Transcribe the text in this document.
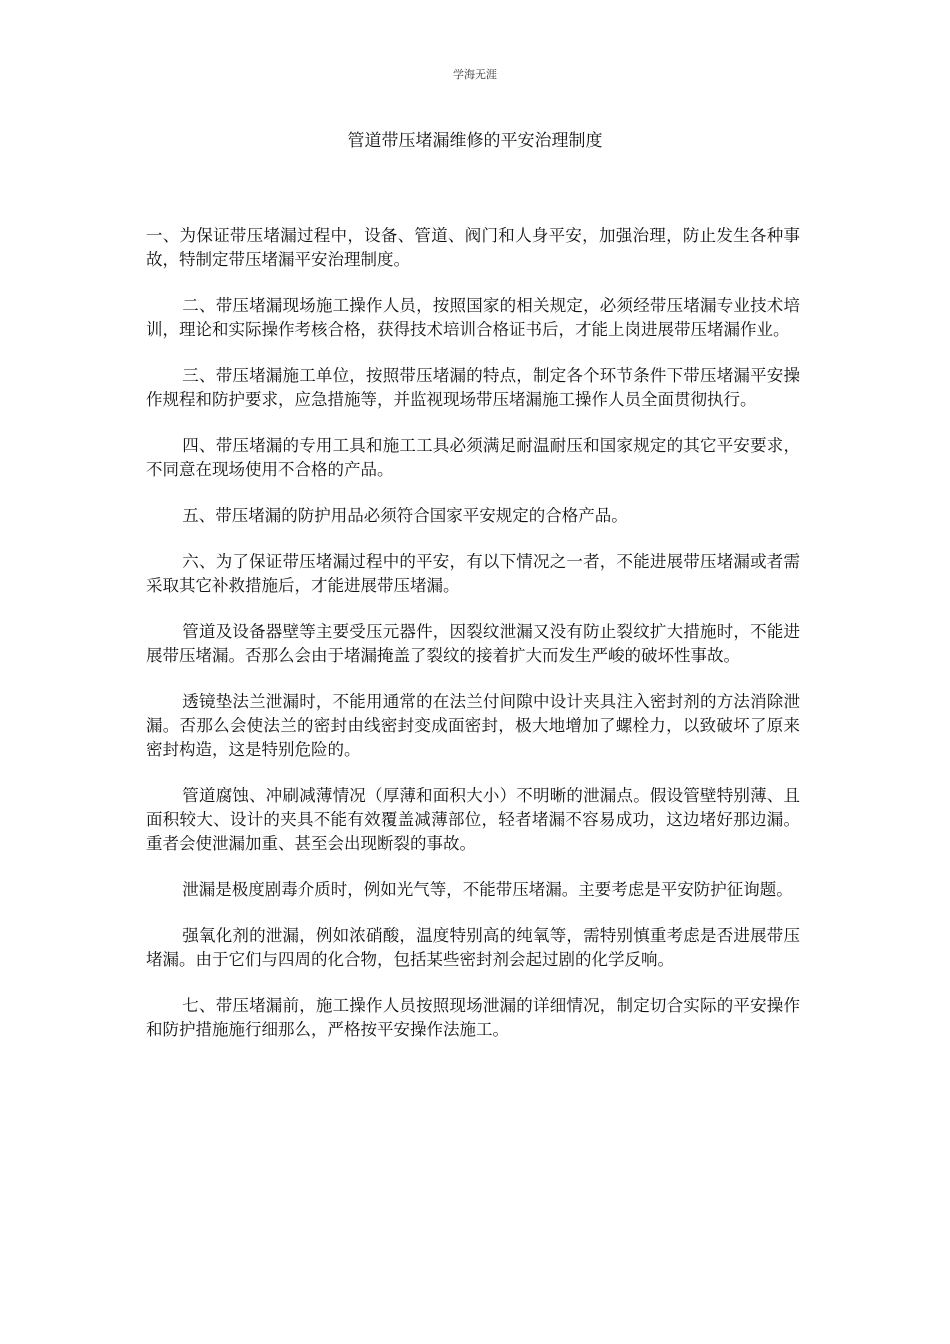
学海无涯
管道带压堵漏维修的平安治理制度

一、为保证带压堵漏过程中，设备、管道、阀门和人身平安，加强治理，防止发生各种事故，特制定带压堵漏平安治理制度。

二、带压堵漏现场施工操作人员，按照国家的相关规定，必须经带压堵漏专业技术培训，理论和实际操作考核合格，获得技术培训合格证书后，才能上岗进展带压堵漏作业。

三、带压堵漏施工单位，按照带压堵漏的特点，制定各个环节条件下带压堵漏平安操作规程和防护要求，应急措施等，并监视现场带压堵漏施工操作人员全面贯彻执行。

四、带压堵漏的专用工具和施工工具必须满足耐温耐压和国家规定的其它平安要求，不同意在现场使用不合格的产品。

五、带压堵漏的防护用品必须符合国家平安规定的合格产品。

六、为了保证带压堵漏过程中的平安，有以下情况之一者，不能进展带压堵漏或者需采取其它补救措施后，才能进展带压堵漏。

管道及设备器壁等主要受压元器件，因裂纹泄漏又没有防止裂纹扩大措施时，不能进展带压堵漏。否那么会由于堵漏掩盖了裂纹的接着扩大而发生严峻的破坏性事故。

透镜垫法兰泄漏时，不能用通常的在法兰付间隙中设计夹具注入密封剂的方法消除泄漏。否那么会使法兰的密封由线密封变成面密封，极大地增加了螺栓力，以致破坏了原来密封构造，这是特别危险的。

管道腐蚀、冲刷减薄情况（厚薄和面积大小）不明晰的泄漏点。假设管壁特别薄、且面积较大、设计的夹具不能有效覆盖减薄部位，轻者堵漏不容易成功，这边堵好那边漏。重者会使泄漏加重、甚至会出现断裂的事故。

泄漏是极度剧毒介质时，例如光气等，不能带压堵漏。主要考虑是平安防护征询题。

强氧化剂的泄漏，例如浓硝酸，温度特别高的纯氧等，需特别慎重考虑是否进展带压堵漏。由于它们与四周的化合物，包括某些密封剂会起过剧的化学反响。

七、带压堵漏前，施工操作人员按照现场泄漏的详细情况，制定切合实际的平安操作和防护措施施行细那么，严格按平安操作法施工。
